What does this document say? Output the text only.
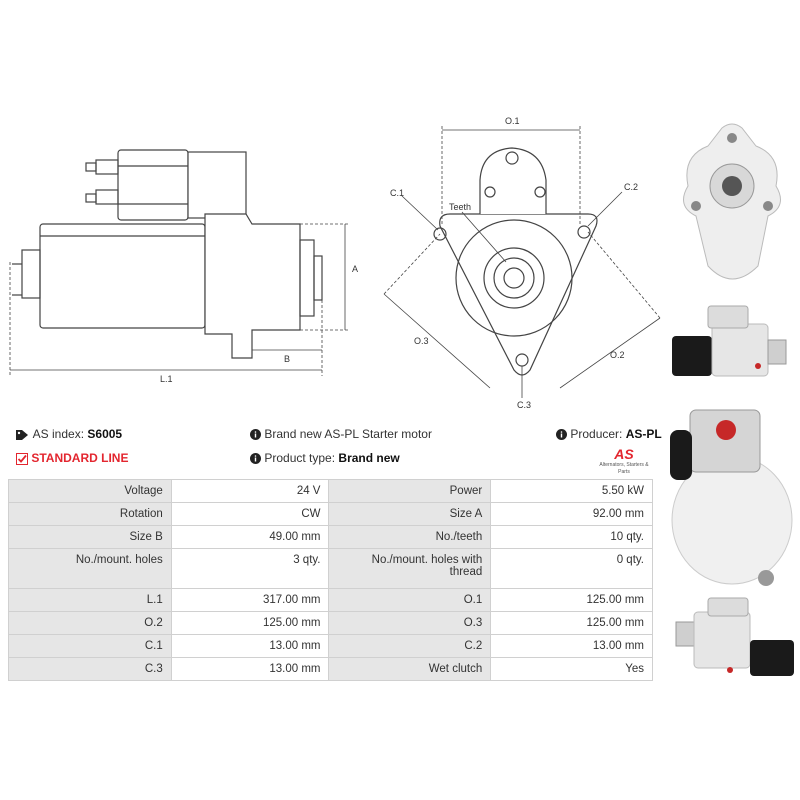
A
B
L.1
O.1
O.3
O.2
C.1
C.2
C.3
Teeth
AS index: S6005
STANDARD LINE
Brand new AS-PL Starter motor
Product type: Brand new
Producer: AS-PL
AS
Alternators, Starters & Parts
Voltage	24 V	Power	5.50 kW
Rotation	CW	Size A	92.00 mm
Size B	49.00 mm	No./teeth	10 qty.
No./mount. holes	3 qty.	No./mount. holes with thread	0 qty.
L.1	317.00 mm	O.1	125.00 mm
O.2	125.00 mm	O.3	125.00 mm
C.1	13.00 mm	C.2	13.00 mm
C.3	13.00 mm	Wet clutch	Yes
